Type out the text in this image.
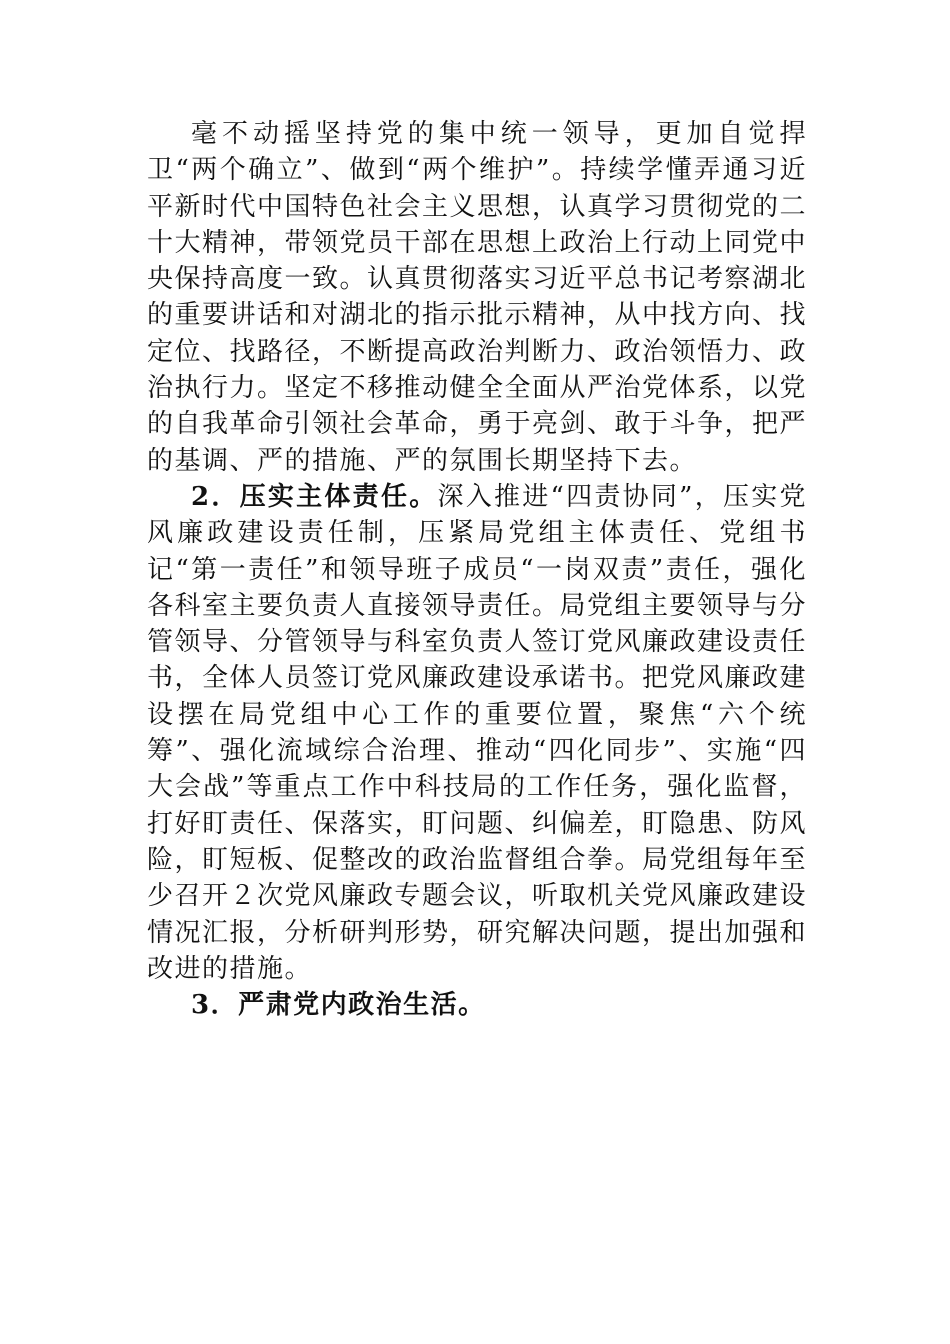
毫不动摇坚持党的集中统一领导，更加自觉捍卫“两个确立”、做到“两个维护”。持续学懂弄通习近平新时代中国特色社会主义思想，认真学习贯彻党的二十大精神，带领党员干部在思想上政治上行动上同党中央保持高度一致。认真贯彻落实习近平总书记考察湖北的重要讲话和对湖北的指示批示精神，从中找方向、找定位、找路径，不断提高政治判断力、政治领悟力、政治执行力。坚定不移推动健全全面从严治党体系，以党的自我革命引领社会革命，勇于亮剑、敢于斗争，把严的基调、严的措施、严的氛围长期坚持下去。

2．压实主体责任。深入推进“四责协同”，压实党风廉政建设责任制，压紧局党组主体责任、党组书记“第一责任”和领导班子成员“一岗双责”责任，强化各科室主要负责人直接领导责任。局党组主要领导与分管领导、分管领导与科室负责人签订党风廉政建设责任书，全体人员签订党风廉政建设承诺书。把党风廉政建设摆在局党组中心工作的重要位置，聚焦“六个统筹”、强化流域综合治理、推动“四化同步”、实施“四大会战”等重点工作中科技局的工作任务，强化监督，打好盯责任、保落实，盯问题、纠偏差，盯隐患、防风险，盯短板、促整改的政治监督组合拳。局党组每年至少召开２次党风廉政专题会议，听取机关党风廉政建设情况汇报，分析研判形势，研究解决问题，提出加强和改进的措施。

3．严肃党内政治生活。
